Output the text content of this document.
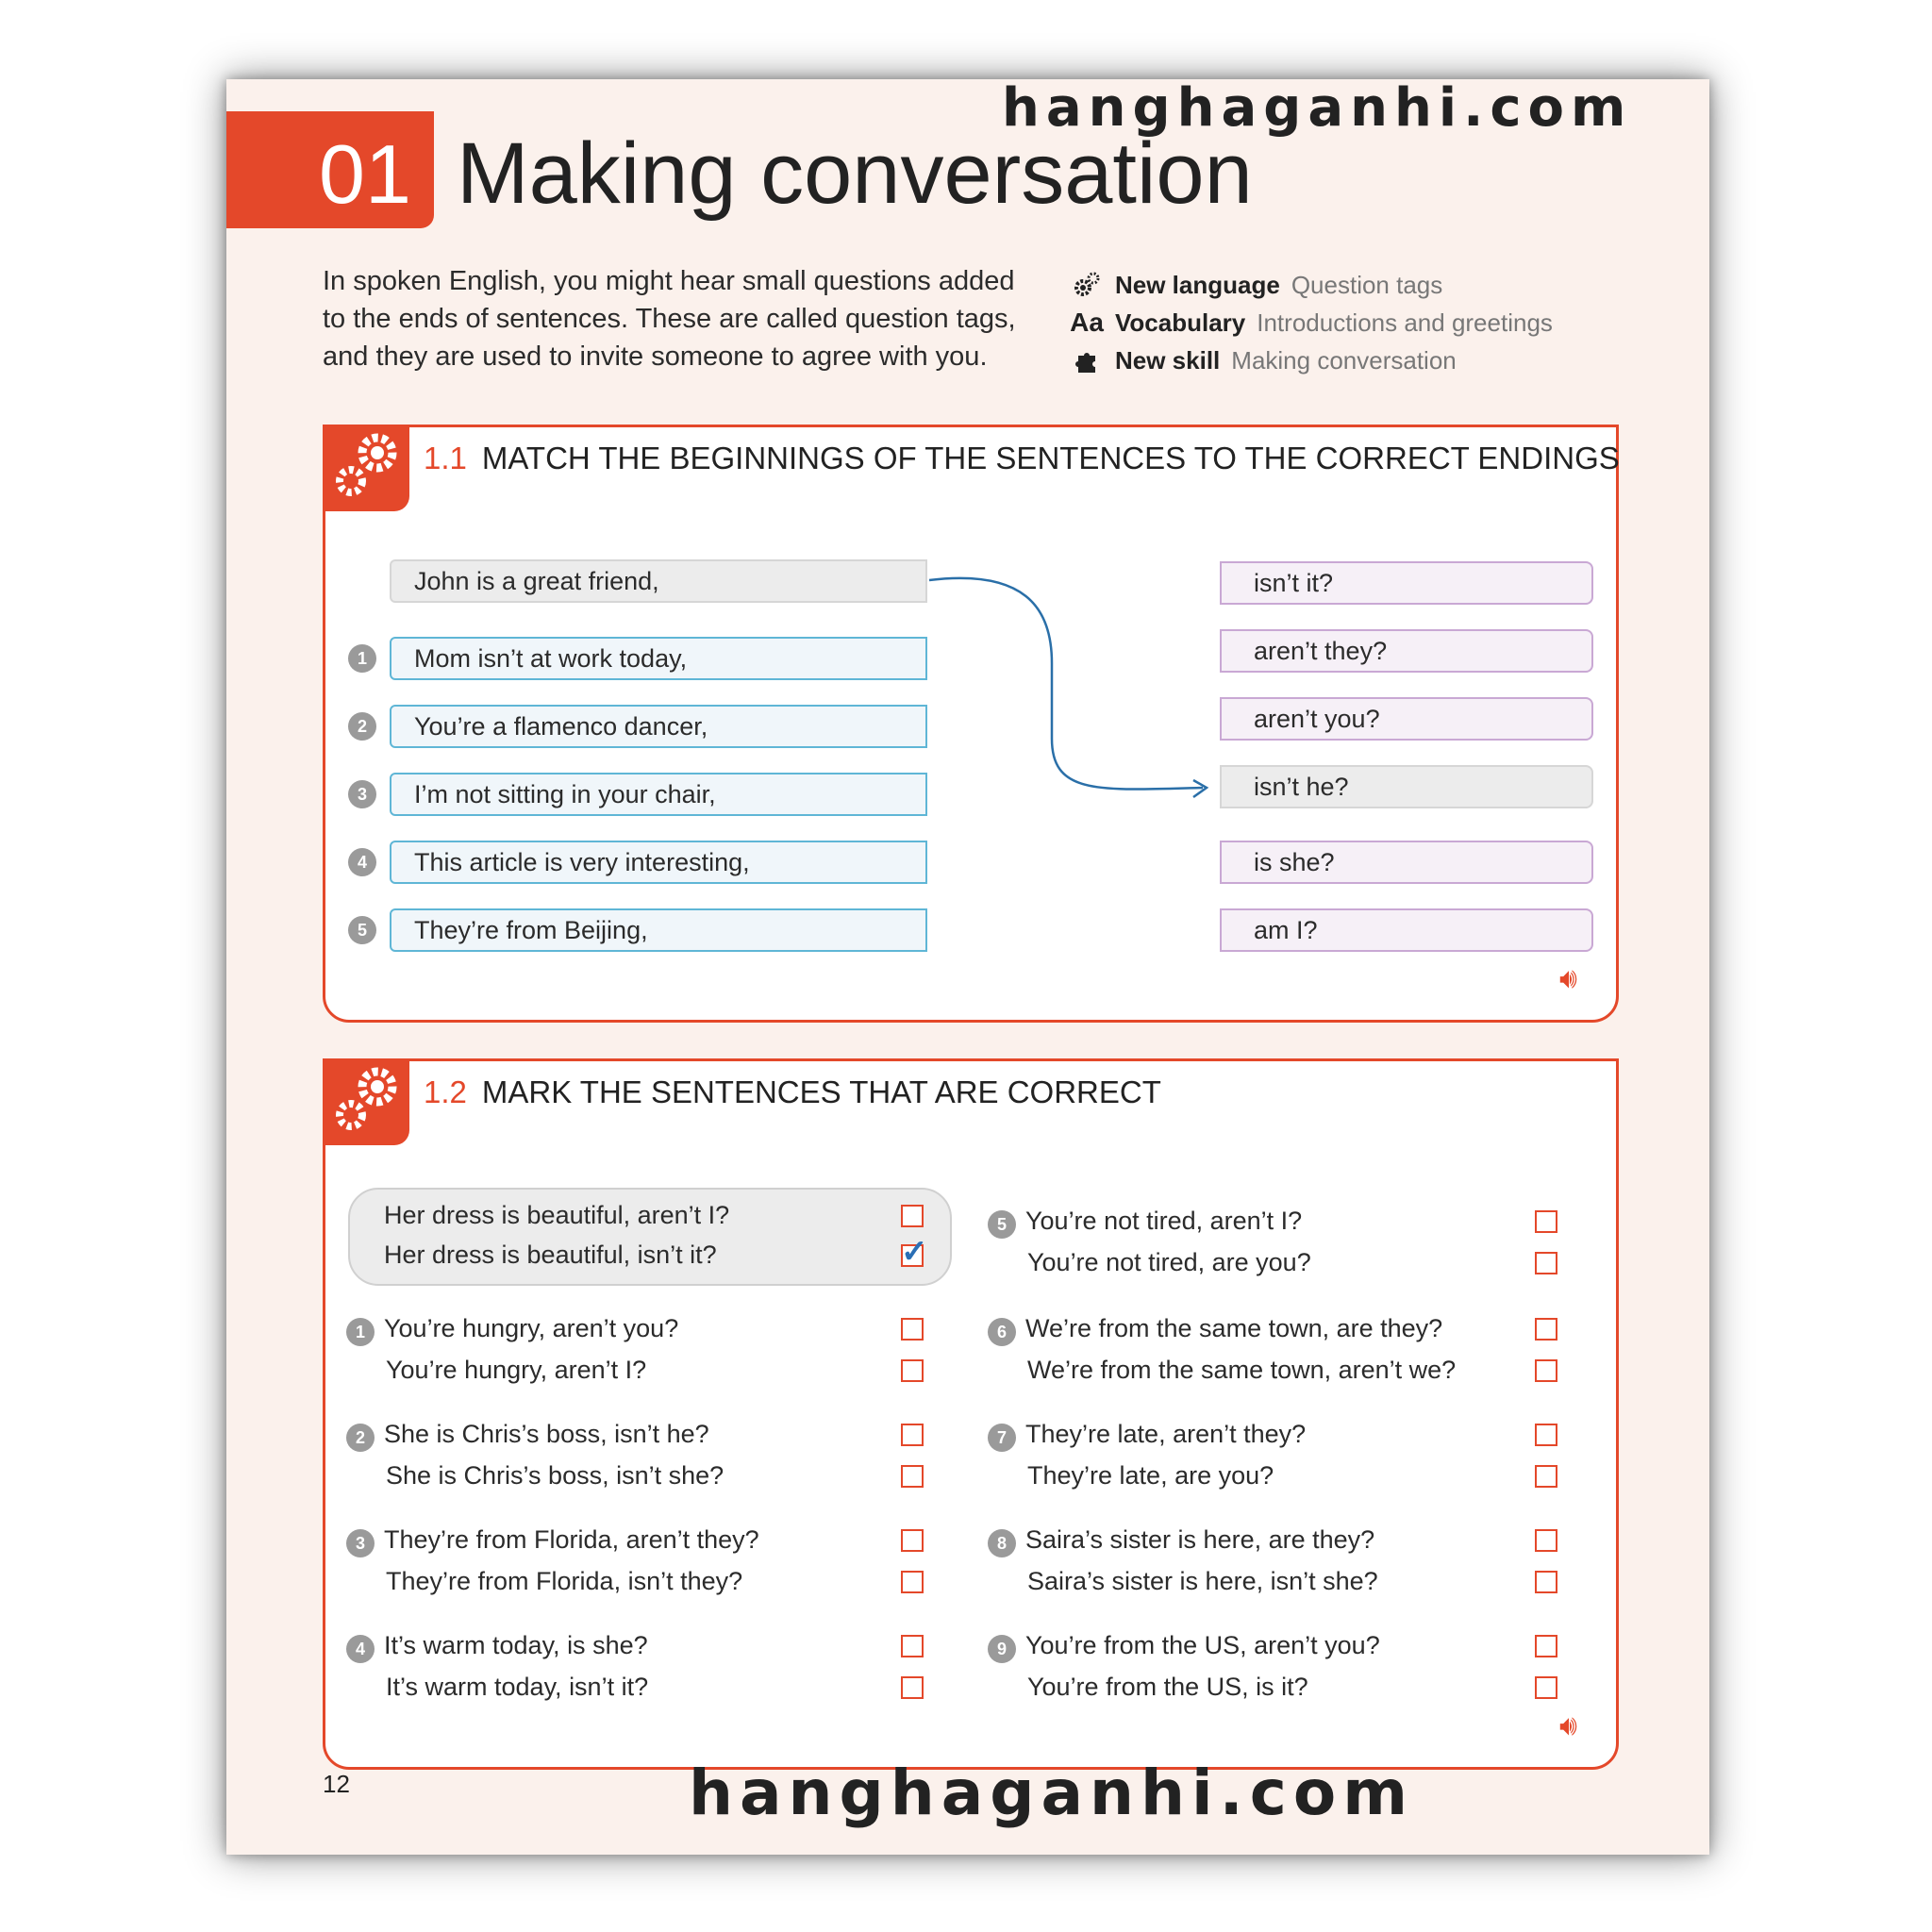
hanghaganhi.com
01 Making conversation
In spoken English, you might hear small questions added to the ends of sentences. These are called question tags, and they are used to invite someone to agree with you.
New language Question tags
Aa Vocabulary Introductions and greetings
New skill Making conversation
1.1 MATCH THE BEGINNINGS OF THE SENTENCES TO THE CORRECT ENDINGS
John is a great friend,
1	Mom isn’t at work today,
2	You’re a flamenco dancer,
3	I’m not sitting in your chair,
4	This article is very interesting,
5	They’re from Beijing,
isn’t it?
aren’t they?
aren’t you?
isn’t he?
is she?
am I?
🔊︎
1.2 MARK THE SENTENCES THAT ARE CORRECT
Her dress is beautiful, aren’t I?
Her dress is beautiful, isn’t it?
✓
1 You’re hungry, aren’t you?
You’re hungry, aren’t I?
2 She is Chris’s boss, isn’t he?
She is Chris’s boss, isn’t she?
3 They’re from Florida, aren’t they?
They’re from Florida, isn’t they?
4 It’s warm today, is she?
It’s warm today, isn’t it?
5 You’re not tired, aren’t I?
You’re not tired, are you?
6 We’re from the same town, are they?
We’re from the same town, aren’t we?
7 They’re late, aren’t they?
They’re late, are you?
8 Saira’s sister is here, are they?
Saira’s sister is here, isn’t she?
9 You’re from the US, aren’t you?
You’re from the US, is it?
🔊︎
12	hanghaganhi.com
